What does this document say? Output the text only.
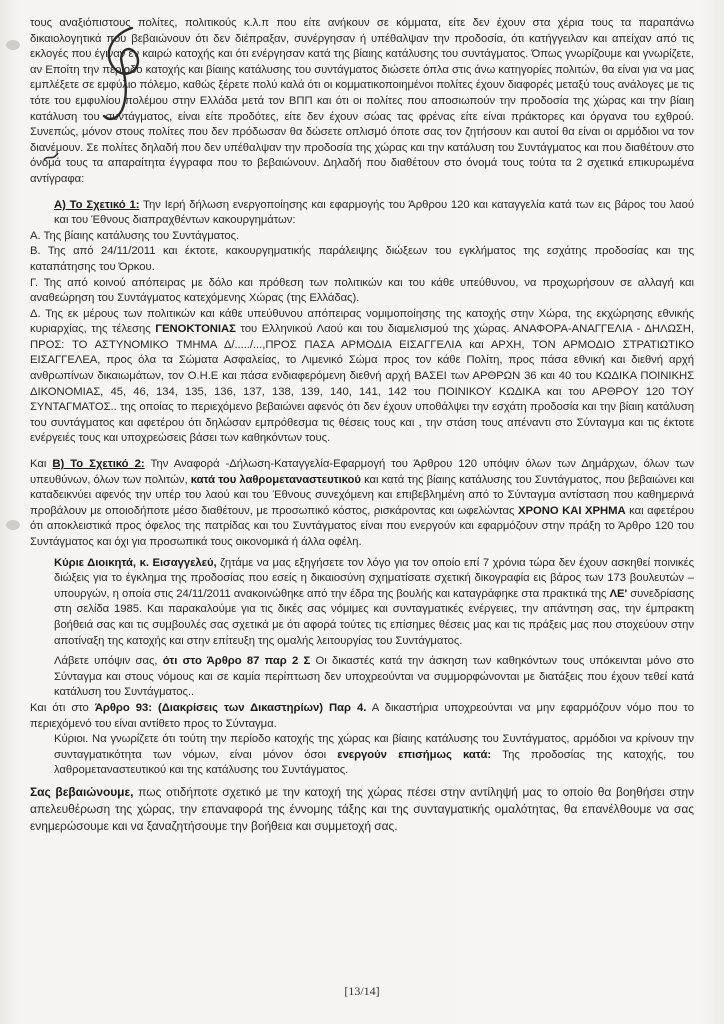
τους αναξιόπιστους πολίτες, πολιτικούς κ.λ.π που είτε ανήκουν σε κόμματα, είτε δεν έχουν στα χέρια τους τα παραπάνω δικαιολογητικά που βεβαιώνουν ότι δεν διέπραξαν, συνέργησαν ή υπέθαλψαν την προδοσία, ότι κατήγγειλαν και απείχαν από τις εκλογές που έγιναν εν καιρώ κατοχής και ότι ενέργησαν κατά της βίαιης κατάλυσης του συντάγματος. Όπως γνωρίζουμε και γνωρίζετε, αν Εποίτη την περίοδο κατοχής και βίαιης κατάλυσης του συντάγματος διώσετε όπλα στις άνω κατηγορίες πολιτών, θα είναι για να μας εμπλέξετε σε εμφύλιο πόλεμο, καθώς ξέρετε πολύ καλά ότι οι κομματικοποιημένοι πολίτες έχουν διαφορές μεταξύ τους ανάλογες με τις τότε του εμφυλίου πολέμου στην Ελλάδα μετά τον ΒΠΠ και ότι οι πολίτες που αποσιωπούν την προδοσία της χώρας και την βίαιη κατάλυση του συντάγματος, είναι είτε προδότες, είτε δεν έχουν σώας τας φρένας είτε είναι πράκτορες και όργανα του εχθρού. Συνεπώς, μόνον στους πολίτες που δεν πρόδωσαν θα δώσετε οπλισμό όποτε σας τον ζητήσουν και αυτοί θα είναι οι αρμόδιοι να τον διανέμουν. Σε πολίτες δηλαδή που δεν υπέθαλψαν την προδοσία της χώρας και την κατάλυση του Συντάγματος και που διαθέτουν στο όνομά τους τα απαραίτητα έγγραφα που το βεβαιώνουν. Δηλαδή που διαθέτουν στο όνομά τους τούτα τα 2 σχετικά επικυρωμένα αντίγραφα:

Α) Το Σχετικό 1: Την Ιερή δήλωση ενεργοποίησης και εφαρμογής του Άρθρου 120 και καταγγελία κατά των εις βάρος του λαού και του Έθνους διαπραχθέντων κακουργημάτων:

Α. Της βίαιης κατάλυσης του Συντάγματος.

Β. Της από 24/11/2011 και έκτοτε, κακουργηματικής παράλειψης διώξεων του εγκλήματος της εσχάτης προδοσίας και της καταπάτησης του Όρκου.

Γ. Της από κοινού απόπειρας με δόλο και πρόθεση των πολιτικών και του κάθε υπεύθυνου, να προχωρήσουν σε αλλαγή και αναθεώρηση του Συντάγματος κατεχόμενης Χώρας (της Ελλάδας).

Δ. Της εκ μέρους των πολιτικών και κάθε υπεύθυνου απόπειρας νομιμοποίησης της κατοχής στην Χώρα, της εκχώρησης εθνικής κυριαρχίας, της τέλεσης ΓΕΝΟΚΤΟΝΙΑΣ του Ελληνικού Λαού και του διαμελισμού της χώρας. ΑΝΑΦΟΡΑ-ΑΝΑΓΓΕΛΙΑ - ΔΗΛΩΣΗ, ΠΡΟΣ: ΤΟ ΑΣΤΥΝΟΜΙΚΟ ΤΜΗΜΑ Δ/...../...,ΠΡΟΣ ΠΑΣΑ ΑΡΜΟΔΙΑ ΕΙΣΑΓΓΕΛΙΑ και ΑΡΧΗ, ΤΟΝ ΑΡΜΟΔΙΟ ΣΤΡΑΤΙΩΤΙΚΟ ΕΙΣΑΓΓΕΛΕΑ, προς όλα τα Σώματα Ασφαλείας, το Λιμενικό Σώμα προς τον κάθε Πολίτη, προς πάσα εθνική και διεθνή αρχή ανθρωπίνων δικαιωμάτων, τον Ο.Η.Ε και πάσα ενδιαφερόμενη διεθνή αρχή ΒΑΣΕΙ των ΑΡΘΡΩΝ 36 και 40 του ΚΩΔΙΚΑ ΠΟΙΝΙΚΗΣ ΔΙΚΟΝΟΜΙΑΣ, 45, 46, 134, 135, 136, 137, 138, 139, 140, 141, 142 του ΠΟΙΝΙΚΟΥ ΚΩΔΙΚΑ και του ΑΡΘΡΟΥ 120 ΤΟΥ ΣΥΝΤΑΓΜΑΤΟΣ.. της οποίας το περιεχόμενο βεβαιώνει αφενός ότι δεν έχουν υποθάλψει την εσχάτη προδοσία και την βίαιη κατάλυση του συντάγματος και αφετέρου ότι δηλώσαν εμπρόθεσμα τις θέσεις τους και , την στάση τους απέναντι στο Σύνταγμα και τις έκτοτε ενέργειές τους και υποχρεώσεις βάσει των καθηκόντων τους.

Και Β) Το Σχετικό 2: Την Αναφορά -Δήλωση-Καταγγελία-Εφαρμογή του Άρθρου 120 υπόψιν όλων των Δημάρχων, όλων των υπευθύνων, όλων των πολιτών, κατά του λαθρομεταναστευτικού και κατά της βίαιης κατάλυσης του Συντάγματος, που βεβαιώνει και καταδεικνύει αφενός την υπέρ του λαού και του Έθνους συνεχόμενη και επιβεβλημένη από το Σύνταγμα αντίσταση που καθημερινά προβάλουν με οποιοδήποτε μέσο διαθέτουν, με προσωπικό κόστος, ρισκάροντας και ωφελώντας ΧΡΟΝΟ ΚΑΙ ΧΡΗΜΑ και αφετέρου ότι αποκλειστικά προς όφελος της πατρίδας και του Συντάγματος είναι που ενεργούν και εφαρμόζουν στην πράξη το Άρθρο 120 του Συντάγματος και όχι για προσωπικά τους οικονομικά ή άλλα οφέλη.

Κύριε Διοικητά, κ. Εισαγγελεύ, ζητάμε να μας εξηγήσετε τον λόγο για τον οποίο επί 7 χρόνια τώρα δεν έχουν ασκηθεί ποινικές διώξεις για το έγκλημα της προδοσίας που εσείς η δικαιοσύνη σχηματίσατε σχετική δικογραφία εις βάρος των 173 βουλευτών – υπουργών, η οποία στις 24/11/2011 ανακοινώθηκε από την έδρα της βουλής και καταγράφηκε στα πρακτικά της ΛΕ' συνεδρίασης στη σελίδα 1985. Και παρακαλούμε για τις δικές σας νόμιμες και συνταγματικές ενέργειες, την απάντηση σας, την έμπρακτη βοήθειά σας και τις συμβουλές σας σχετικά με ότι αφορά τούτες τις επίσημες θέσεις μας και τις πράξεις μας που στοχεύουν στην αποτίναξη της κατοχής και στην επίτευξη της ομαλής λειτουργίας του Συντάγματος.

Λάβετε υπόψιν σας, ότι στο Άρθρο 87 παρ 2 Σ Οι δικαστές κατά την άσκηση των καθηκόντων τους υπόκεινται μόνο στο Σύνταγμα και στους νόμους και σε καμία περίπτωση δεν υποχρεούνται να συμμορφώνονται με διατάξεις που έχουν τεθεί κατά κατάλυση του Συντάγματος..

Και ότι στο Άρθρο 93: (Διακρίσεις των Δικαστηρίων) Παρ 4. Α δικαστήρια υποχρεούνται να μην εφαρμόζουν νόμο που το περιεχόμενό του είναι αντίθετο προς το Σύνταγμα.

Κύριοι. Να γνωρίζετε ότι τούτη την περίοδο κατοχής της χώρας και βίαιης κατάλυσης του Συντάγματος, αρμόδιοι να κρίνουν την συνταγματικότητα των νόμων, είναι μόνον όσοι ενεργούν επισήμως κατά: Της προδοσίας της κατοχής, του λαθρομεταναστευτικού και της κατάλυσης του Συντάγματος.

Σας βεβαιώνουμε, πως οτιδήποτε σχετικό με την κατοχή της χώρας πέσει στην αντίληψή μας το οποίο θα βοηθήσει στην απελευθέρωση της χώρας, την επαναφορά της έννομης τάξης και της συνταγματικής ομαλότητας, θα επανέλθουμε να σας ενημερώσουμε και να ξαναζητήσουμε την βοήθεια και συμμετοχή σας.

[13/14]
